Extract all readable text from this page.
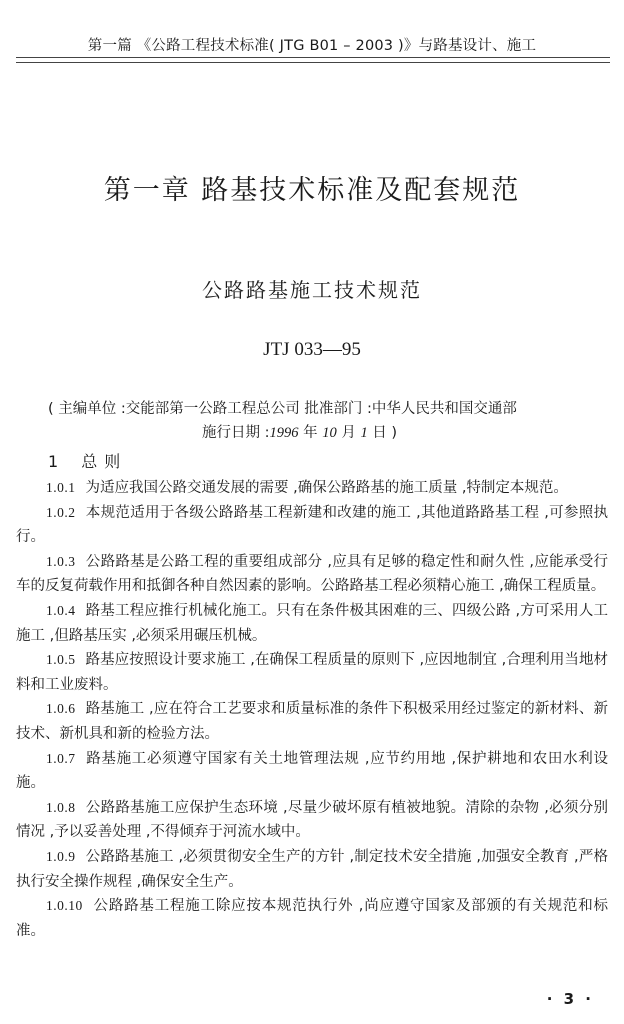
第一篇 《公路工程技术标准( JTG B01 – 2003 )》与路基设计、施工
第一章 路基技术标准及配套规范
公路路基施工技术规范
JTJ 033—95
( 主编单位 :交能部第一公路工程总公司 批准部门 :中华人民共和国交通部
施行日期 :1996 年 10 月 1 日 )
1 总 则

1.0.1 为适应我国公路交通发展的需要 ,确保公路路基的施工质量 ,特制定本规范。

1.0.2 本规范适用于各级公路路基工程新建和改建的施工 ,其他道路路基工程 ,可参照执行。

1.0.3 公路路基是公路工程的重要组成部分 ,应具有足够的稳定性和耐久性 ,应能承受行车的反复荷载作用和抵御各种自然因素的影响。公路路基工程必须精心施工 ,确保工程质量。

1.0.4 路基工程应推行机械化施工。只有在条件极其困难的三、四级公路 ,方可采用人工施工 ,但路基压实 ,必须采用碾压机械。

1.0.5 路基应按照设计要求施工 ,在确保工程质量的原则下 ,应因地制宜 ,合理利用当地材料和工业废料。

1.0.6 路基施工 ,应在符合工艺要求和质量标准的条件下积极采用经过鉴定的新材料、新技术、新机具和新的检验方法。

1.0.7 路基施工必须遵守国家有关土地管理法规 ,应节约用地 ,保护耕地和农田水利设施。

1.0.8 公路路基施工应保护生态环境 ,尽量少破坏原有植被地貌。清除的杂物 ,必须分别情况 ,予以妥善处理 ,不得倾弃于河流水域中。

1.0.9 公路路基施工 ,必须贯彻安全生产的方针 ,制定技术安全措施 ,加强安全教育 ,严格执行安全操作规程 ,确保安全生产。

1.0.10 公路路基工程施工除应按本规范执行外 ,尚应遵守国家及部颁的有关规范和标准。

· 3 ·
